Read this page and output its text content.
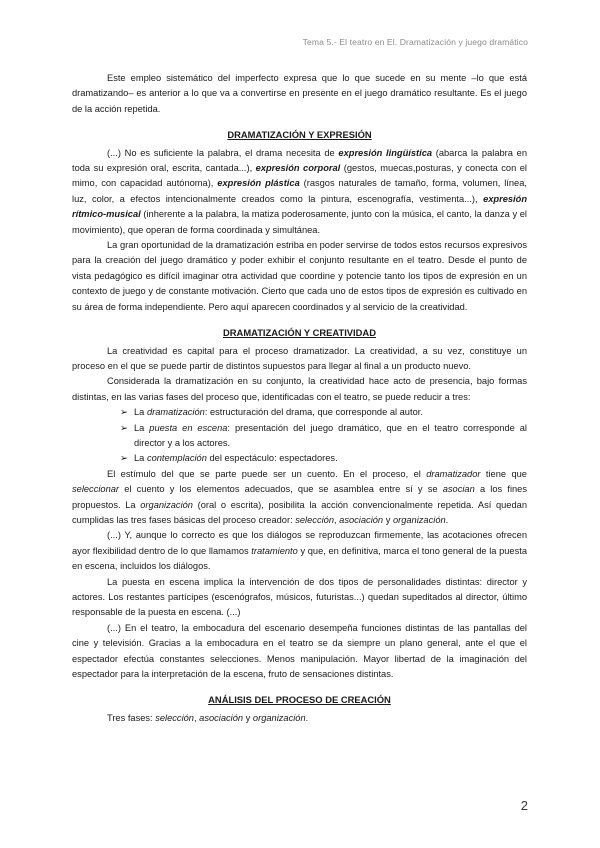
Tema 5.- El teatro en El. Dramatización y juego dramático

Este empleo sistemático del imperfecto expresa que lo que sucede en su mente –lo que está dramatizando– es anterior a lo que va a convertirse en presente en el juego dramático resultante. Es el juego de la acción repetida.

DRAMATIZACIÓN Y EXPRESIÓN

(...) No es suficiente la palabra, el drama necesita de expresión lingüística (abarca la palabra en toda su expresión oral, escrita, cantada...), expresión corporal (gestos, muecas,posturas, y conecta con el mimo, con capacidad autónoma), expresión plástica (rasgos naturales de tamaño, forma, volumen, línea, luz, color, a efectos intencionalmente creados como la pintura, escenografía, vestimenta...), expresión rítmico-musical (inherente a la palabra, la matiza poderosamente, junto con la música, el canto, la danza y el movimiento), que operan de forma coordinada y simultánea.

La gran oportunidad de la dramatización estriba en poder servirse de todos estos recursos expresivos para la creación del juego dramático y poder exhibir el conjunto resultante en el teatro. Desde el punto de vista pedagógico es difícil imaginar otra actividad que coordine y potencie tanto los tipos de expresión en un contexto de juego y de constante motivación. Cierto que cada uno de estos tipos de expresión es cultivado en su área de forma independiente. Pero aquí aparecen coordinados y al servicio de la creatividad.

DRAMATIZACIÓN Y CREATIVIDAD

La creatividad es capital para el proceso dramatizador. La creatividad, a su vez, constituye un proceso en el que se puede partir de distintos supuestos para llegar al final a un producto nuevo.

Considerada la dramatización en su conjunto, la creatividad hace acto de presencia, bajo formas distintas, en las varias fases del proceso que, identificadas con el teatro, se puede reducir a tres:

➢ La dramatización: estructuración del drama, que corresponde al autor.
➢ La puesta en escena: presentación del juego dramático, que en el teatro corresponde al director y a los actores.
➢ La contemplación del espectáculo: espectadores.

El estímulo del que se parte puede ser un cuento. En el proceso, el dramatizador tiene que seleccionar el cuento y los elementos adecuados, que se asamblea entre sí y se asocian a los fines propuestos. La organización (oral o escrita), posibilita la acción convencionalmente repetida. Así quedan cumplidas las tres fases básicas del proceso creador: selección, asociación y organización.

(...) Y, aunque lo correcto es que los diálogos se reproduzcan firmemente, las acotaciones ofrecen ayor flexibilidad dentro de lo que llamamos tratamiento y que, en definitiva, marca el tono general de la puesta en escena, incluidos los diálogos.

La puesta en escena implica la intervención de dos tipos de personalidades distintas: director y actores. Los restantes partícipes (escenógrafos, músicos, futuristas...) quedan supeditados al director, último responsable de la puesta en escena. (...)

(...) En el teatro, la embocadura del escenario desempeña funciones distintas de las pantallas del cine y televisión. Gracias a la embocadura en el teatro se da siempre un plano general, ante el que el espectador efectúa constantes selecciones. Menos manipulación. Mayor libertad de la imaginación del espectador para la interpretación de la escena, fruto de sensaciones distintas.

ANÁLISIS DEL PROCESO DE CREACIÓN

Tres fases: selección, asociación y organización.

2
